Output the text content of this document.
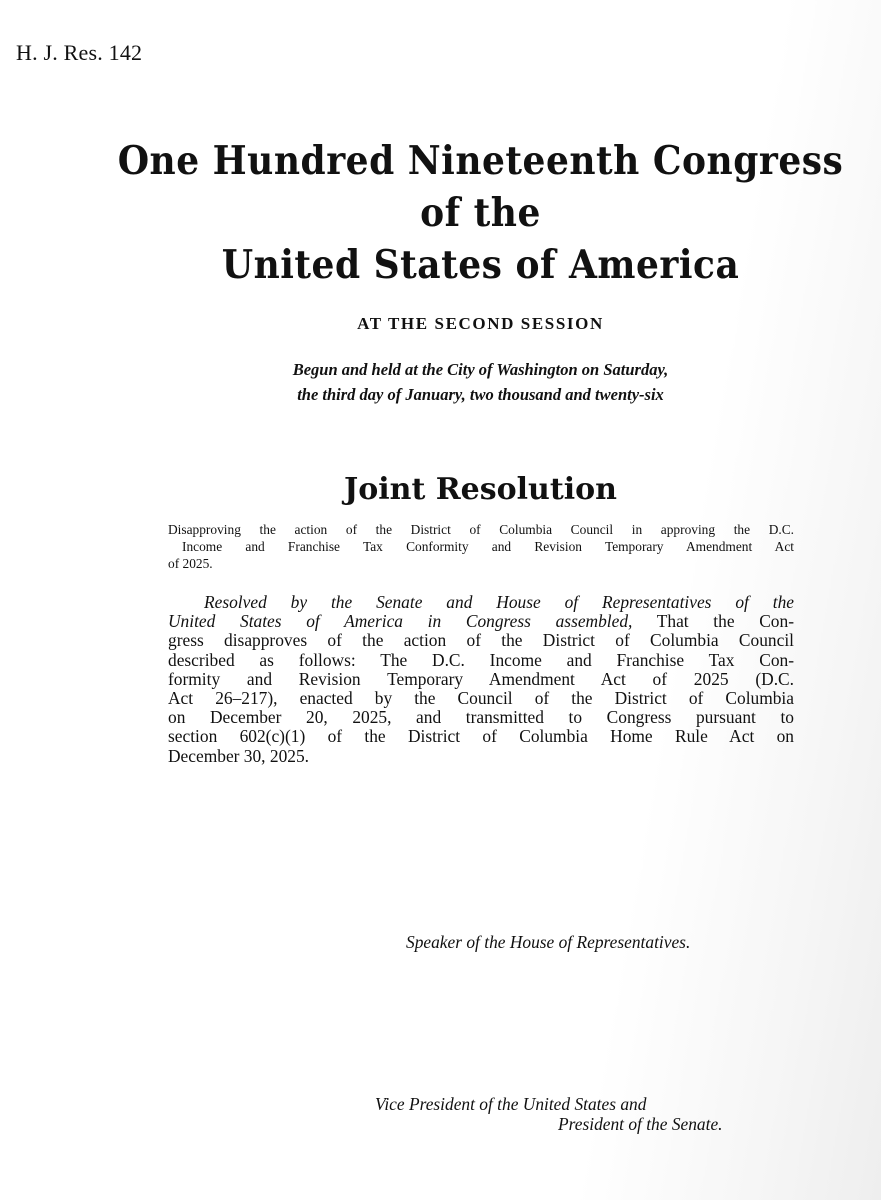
H. J. Res. 142
One Hundred Nineteenth Congress
of the
United States of America
AT THE SECOND SESSION
Begun and held at the City of Washington on Saturday,
the third day of January, two thousand and twenty-six
Joint Resolution
Disapproving the action of the District of Columbia Council in approving the D.C.
Income and Franchise Tax Conformity and Revision Temporary Amendment Act
of 2025.
Resolved by the Senate and House of Representatives of the
United States of America in Congress assembled, That the Con-
gress disapproves of the action of the District of Columbia Council
described as follows: The D.C. Income and Franchise Tax Con-
formity and Revision Temporary Amendment Act of 2025 (D.C.
Act 26–217), enacted by the Council of the District of Columbia
on December 20, 2025, and transmitted to Congress pursuant to
section 602(c)(1) of the District of Columbia Home Rule Act on
December 30, 2025.
Speaker of the House of Representatives.
Vice President of the United States and
President of the Senate.
